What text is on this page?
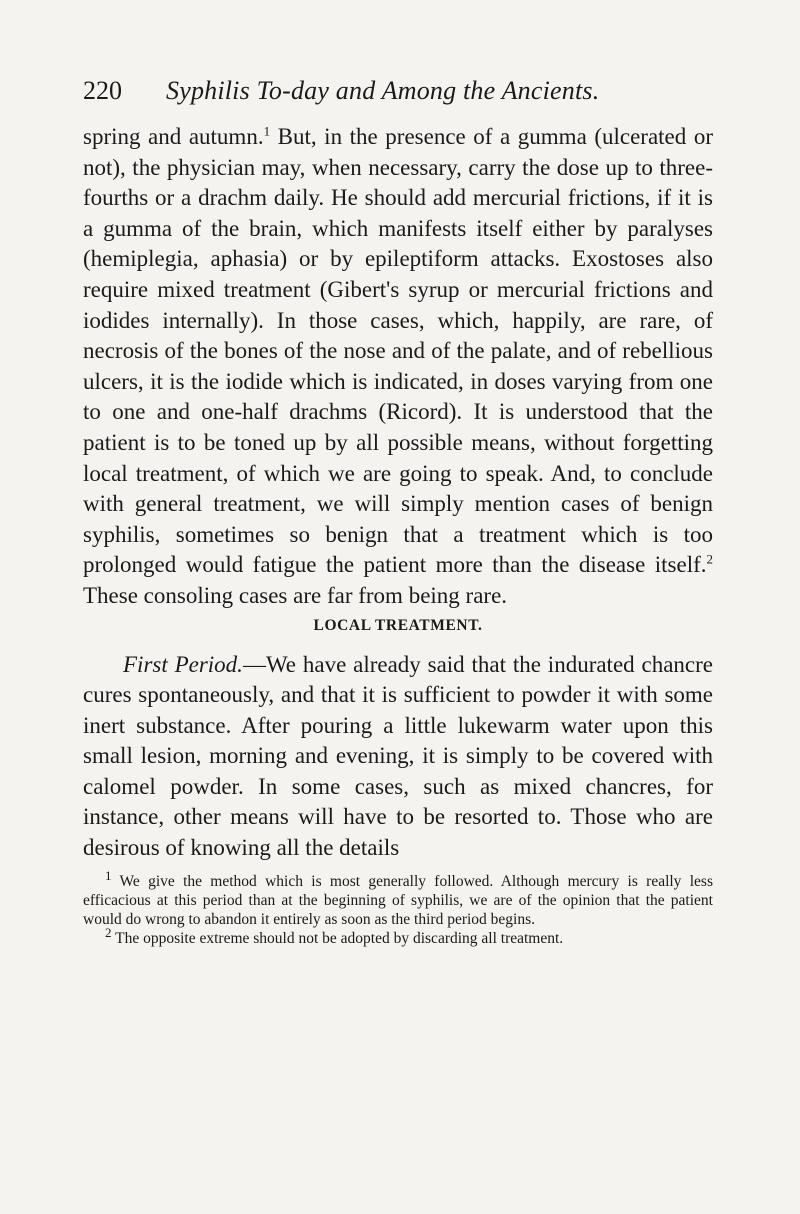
220	Syphilis To-day and Among the Ancients.

spring and autumn.$^1$ But, in the presence of a gumma (ulcerated or not), the physician may, when necessary, carry the dose up to three-fourths or a drachm daily. He should add mercurial frictions, if it is a gumma of the brain, which manifests itself either by paralyses (hemiplegia, aphasia) or by epileptiform attacks. Exostoses also require mixed treatment (Gibert's syrup or mercurial frictions and iodides internally). In those cases, which, happily, are rare, of necrosis of the bones of the nose and of the palate, and of rebellious ulcers, it is the iodide which is indicated, in doses varying from one to one and one-half drachms (Ricord). It is understood that the patient is to be toned up by all possible means, without forgetting local treatment, of which we are going to speak. And, to conclude with general treatment, we will simply mention cases of benign syphilis, sometimes so benign that a treatment which is too prolonged would fatigue the patient more than the disease itself.$^2$ These consoling cases are far from being rare.

LOCAL TREATMENT.

First Period.—We have already said that the indurated chancre cures spontaneously, and that it is sufficient to powder it with some inert substance. After pouring a little lukewarm water upon this small lesion, morning and evening, it is simply to be covered with calomel powder. In some cases, such as mixed chancres, for instance, other means will have to be resorted to. Those who are desirous of knowing all the details

$^1$ We give the method which is most generally followed. Although mercury is really less efficacious at this period than at the beginning of syphilis, we are of the opinion that the patient would do wrong to abandon it entirely as soon as the third period begins.

$^2$ The opposite extreme should not be adopted by discarding all treatment.
